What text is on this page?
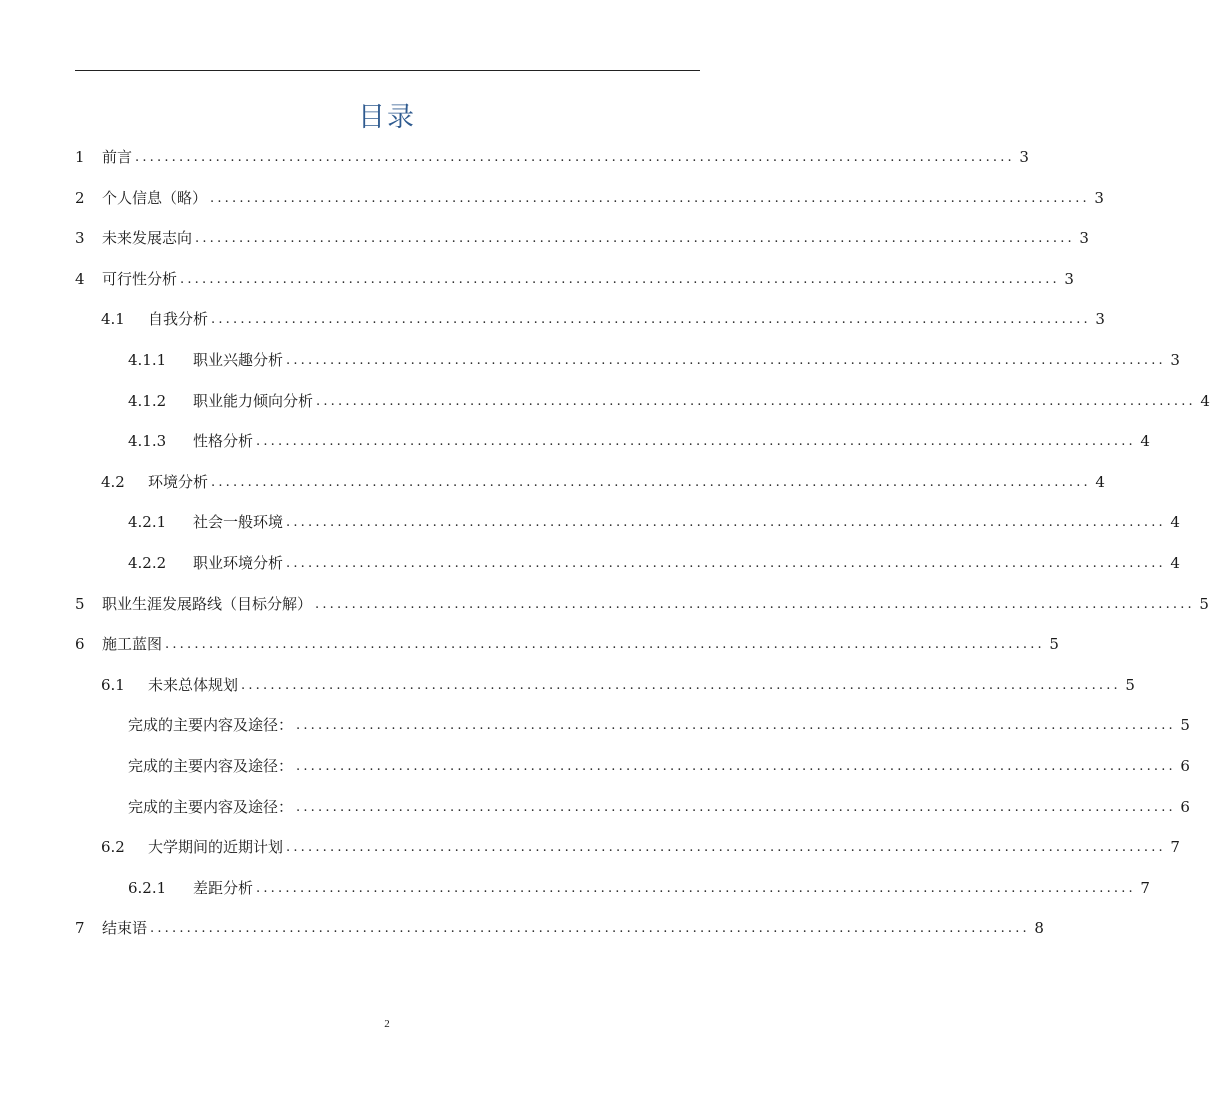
目录
1	前言 ........................................................................................................................ 3
2	个人信息（略） ........................................................................................................................ 3
3	未来发展志向 ........................................................................................................................ 3
4	可行性分析 ........................................................................................................................ 3
4.1	自我分析 ........................................................................................................................ 3
4.1.1	职业兴趣分析 ........................................................................................................................ 3
4.1.2	职业能力倾向分析 ........................................................................................................................ 4
4.1.3	性格分析 ........................................................................................................................ 4
4.2	环境分析 ........................................................................................................................ 4
4.2.1	社会一般环境 ........................................................................................................................ 4
4.2.2	职业环境分析 ........................................................................................................................ 4
5	职业生涯发展路线（目标分解） ........................................................................................................................ 5
6	施工蓝图 ........................................................................................................................ 5
6.1	未来总体规划 ........................................................................................................................ 5
完成的主要内容及途径： ........................................................................................................................ 5
完成的主要内容及途径： ........................................................................................................................ 6
完成的主要内容及途径： ........................................................................................................................ 6
6.2	大学期间的近期计划 ........................................................................................................................ 7
6.2.1	差距分析 ........................................................................................................................ 7
7	结束语 ........................................................................................................................ 8
2
